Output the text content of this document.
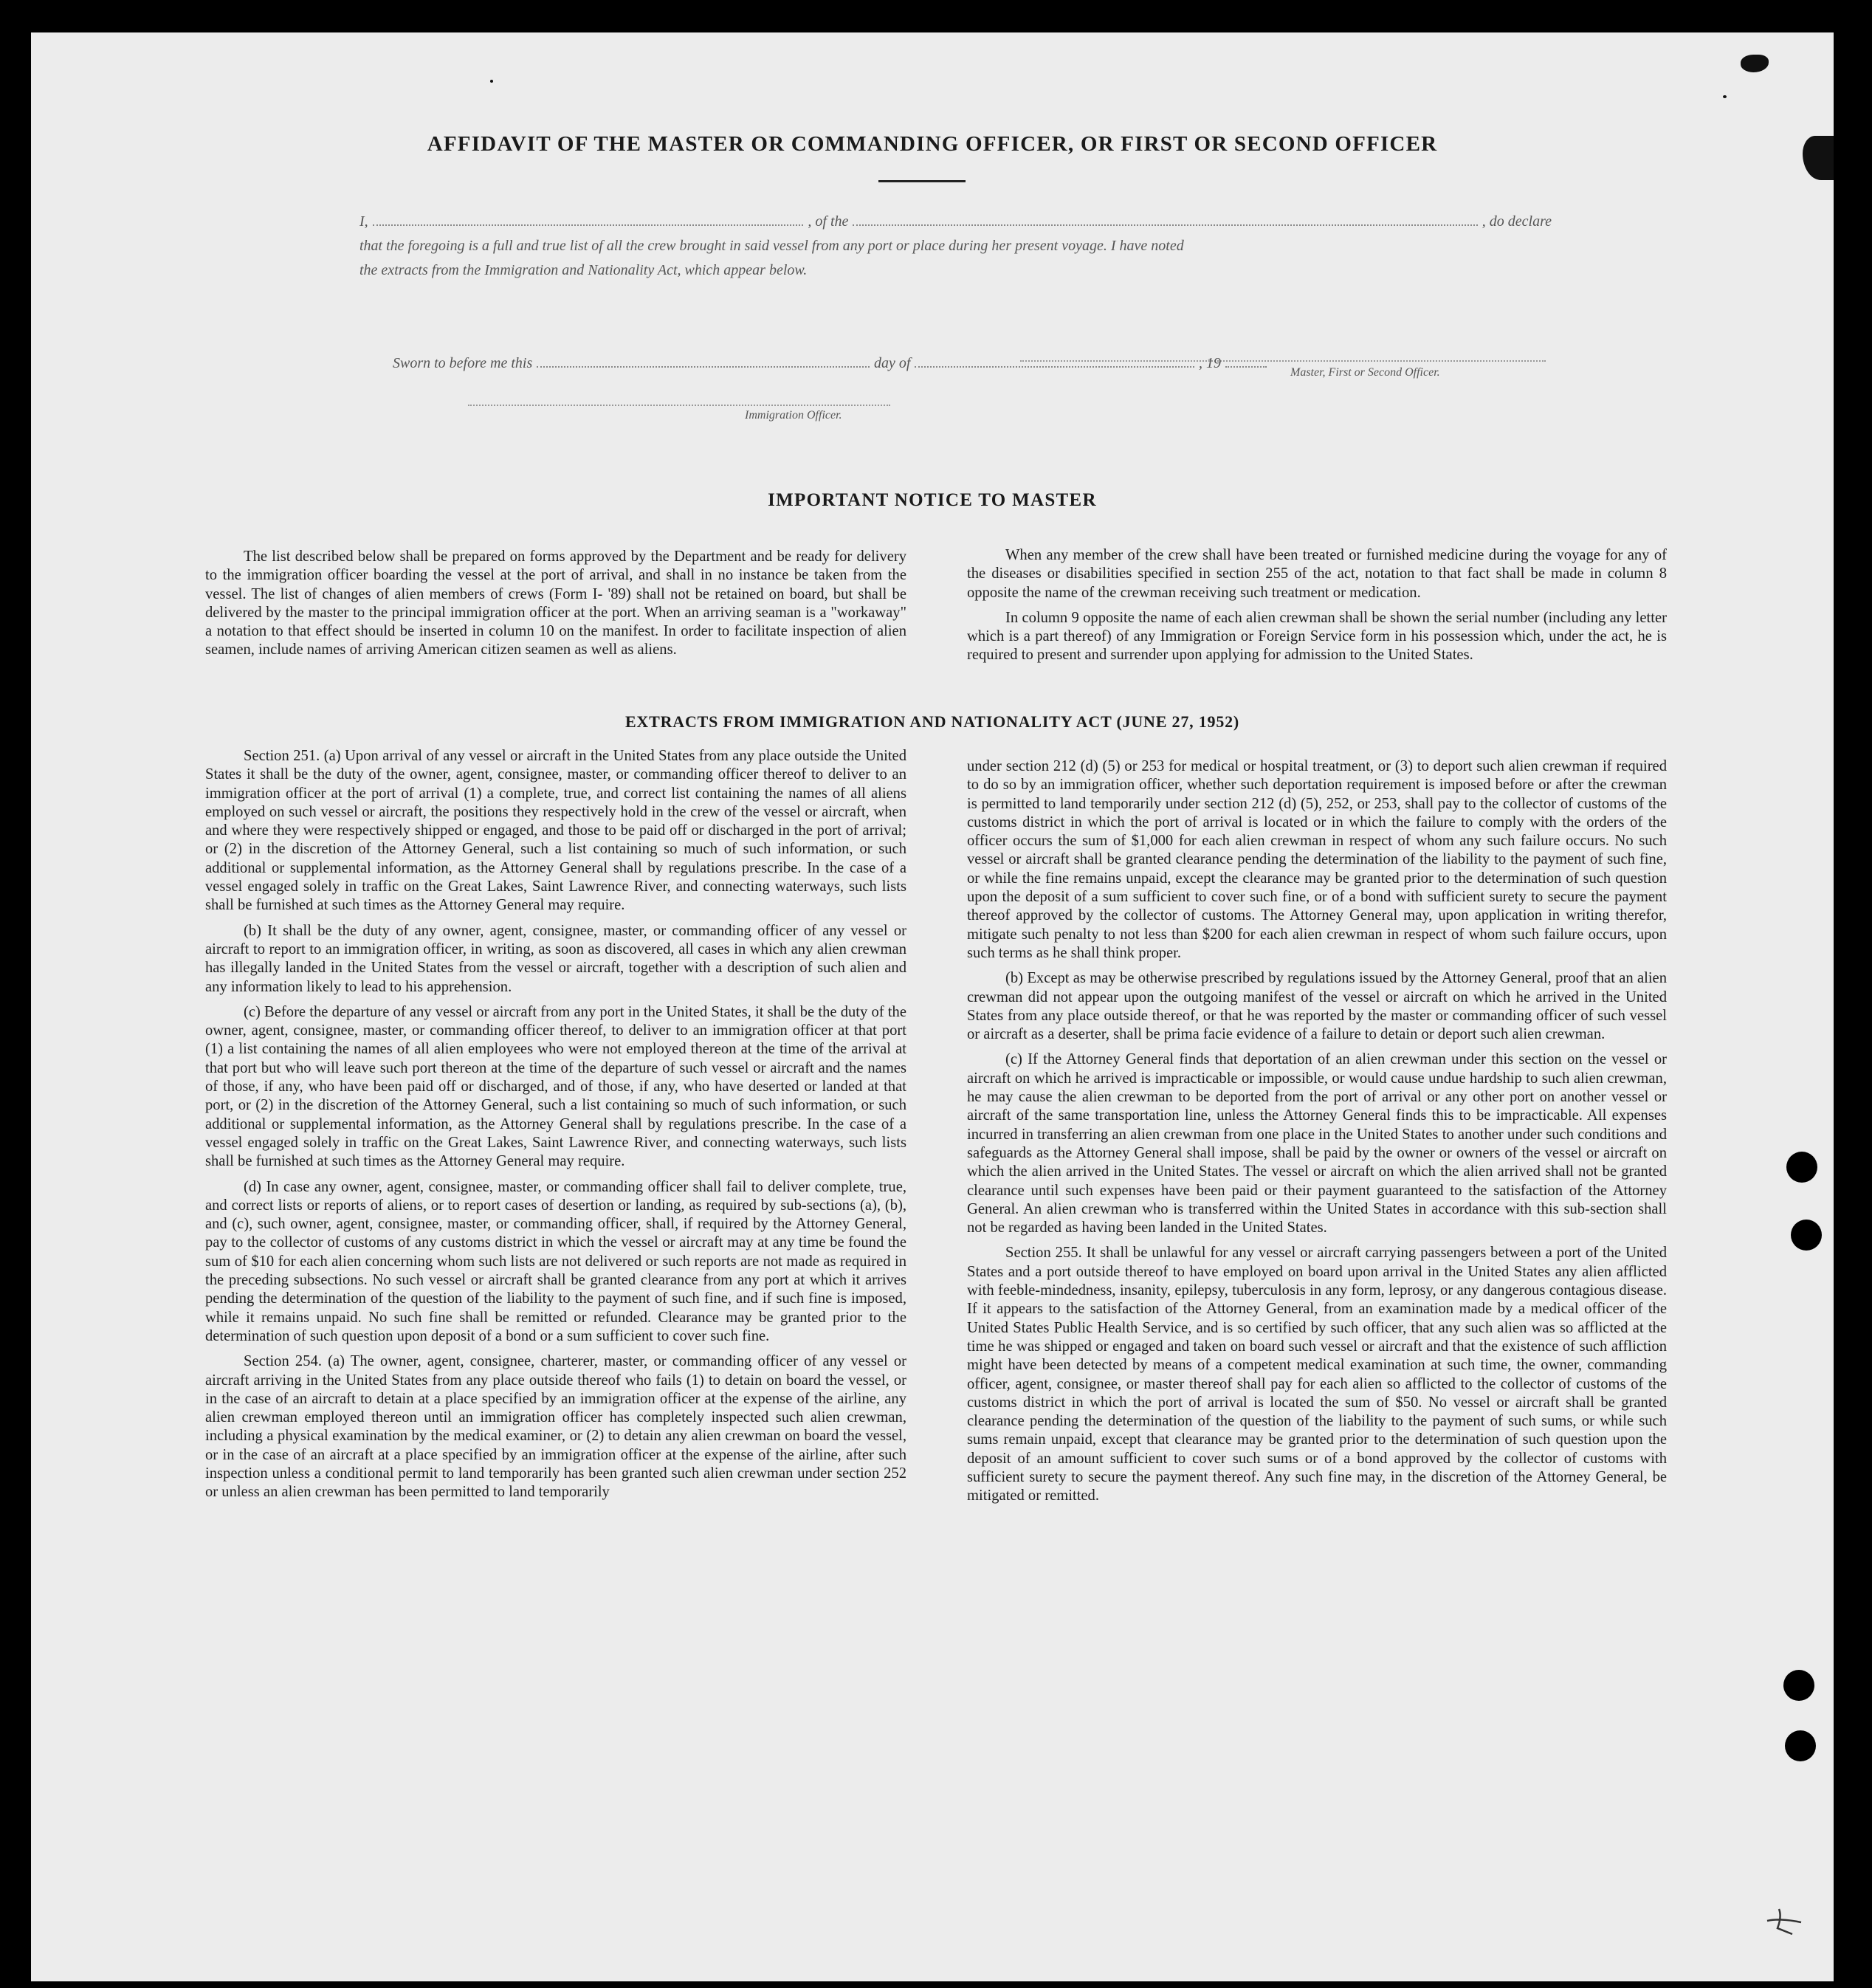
AFFIDAVIT OF THE MASTER OR COMMANDING OFFICER, OR FIRST OR SECOND OFFICER
I,	, of the	, do declare
that the foregoing is a full and true list of all the crew brought in said vessel from any port or place during her present voyage. I have noted
the extracts from the Immigration and Nationality Act, which appear below.
Master, First or Second Officer.
Sworn to before me this	day of	, 19
Immigration Officer.
IMPORTANT NOTICE TO MASTER

The list described below shall be prepared on forms approved by the Department and be ready for delivery to the immigration officer boarding the vessel at the port of arrival, and shall in no instance be taken from the vessel. The list of changes of alien members of crews (Form I- '89) shall not be retained on board, but shall be delivered by the master to the principal immigration officer at the port. When an arriving seaman is a "workaway" a notation to that effect should be inserted in column 10 on the manifest. In order to facilitate inspection of alien seamen, include names of arriving American citizen seamen as well as aliens.

When any member of the crew shall have been treated or furnished medicine during the voyage for any of the diseases or disabilities specified in section 255 of the act, notation to that fact shall be made in column 8 opposite the name of the crewman receiving such treatment or medication.

In column 9 opposite the name of each alien crewman shall be shown the serial number (including any letter which is a part thereof) of any Immigration or Foreign Service form in his possession which, under the act, he is required to present and surrender upon applying for admission to the United States.

EXTRACTS FROM IMMIGRATION AND NATIONALITY ACT (JUNE 27, 1952)

Section 251. (a) Upon arrival of any vessel or aircraft in the United States from any place outside the United States it shall be the duty of the owner, agent, consignee, master, or commanding officer thereof to deliver to an immigration officer at the port of arrival (1) a complete, true, and correct list containing the names of all aliens employed on such vessel or aircraft, the positions they respectively hold in the crew of the vessel or aircraft, when and where they were respectively shipped or engaged, and those to be paid off or discharged in the port of arrival; or (2) in the discretion of the Attorney General, such a list containing so much of such information, or such additional or supplemental information, as the Attorney General shall by regulations prescribe. In the case of a vessel engaged solely in traffic on the Great Lakes, Saint Lawrence River, and connecting waterways, such lists shall be furnished at such times as the Attorney General may require.

(b) It shall be the duty of any owner, agent, consignee, master, or commanding officer of any vessel or aircraft to report to an immigration officer, in writing, as soon as discovered, all cases in which any alien crewman has illegally landed in the United States from the vessel or aircraft, together with a description of such alien and any information likely to lead to his apprehension.

(c) Before the departure of any vessel or aircraft from any port in the United States, it shall be the duty of the owner, agent, consignee, master, or commanding officer thereof, to deliver to an immigration officer at that port (1) a list containing the names of all alien employees who were not employed thereon at the time of the arrival at that port but who will leave such port thereon at the time of the departure of such vessel or aircraft and the names of those, if any, who have been paid off or discharged, and of those, if any, who have deserted or landed at that port, or (2) in the discretion of the Attorney General, such a list containing so much of such information, or such additional or supplemental information, as the Attorney General shall by regulations prescribe. In the case of a vessel engaged solely in traffic on the Great Lakes, Saint Lawrence River, and connecting waterways, such lists shall be furnished at such times as the Attorney General may require.

(d) In case any owner, agent, consignee, master, or commanding officer shall fail to deliver complete, true, and correct lists or reports of aliens, or to report cases of desertion or landing, as required by sub-sections (a), (b), and (c), such owner, agent, consignee, master, or commanding officer, shall, if required by the Attorney General, pay to the collector of customs of any customs district in which the vessel or aircraft may at any time be found the sum of $10 for each alien concerning whom such lists are not delivered or such reports are not made as required in the preceding subsections. No such vessel or aircraft shall be granted clearance from any port at which it arrives pending the determination of the question of the liability to the payment of such fine, and if such fine is imposed, while it remains unpaid. No such fine shall be remitted or refunded. Clearance may be granted prior to the determination of such question upon deposit of a bond or a sum sufficient to cover such fine.

Section 254. (a) The owner, agent, consignee, charterer, master, or commanding officer of any vessel or aircraft arriving in the United States from any place outside thereof who fails (1) to detain on board the vessel, or in the case of an aircraft to detain at a place specified by an immigration officer at the expense of the airline, any alien crewman employed thereon until an immigration officer has completely inspected such alien crewman, including a physical examination by the medical examiner, or (2) to detain any alien crewman on board the vessel, or in the case of an aircraft at a place specified by an immigration officer at the expense of the airline, after such inspection unless a conditional permit to land temporarily has been granted such alien crewman under section 252 or unless an alien crewman has been permitted to land temporarily

under section 212 (d) (5) or 253 for medical or hospital treatment, or (3) to deport such alien crewman if required to do so by an immigration officer, whether such deportation requirement is imposed before or after the crewman is permitted to land temporarily under section 212 (d) (5), 252, or 253, shall pay to the collector of customs of the customs district in which the port of arrival is located or in which the failure to comply with the orders of the officer occurs the sum of $1,000 for each alien crewman in respect of whom any such failure occurs. No such vessel or aircraft shall be granted clearance pending the determination of the liability to the payment of such fine, or while the fine remains unpaid, except the clearance may be granted prior to the determination of such question upon the deposit of a sum sufficient to cover such fine, or of a bond with sufficient surety to secure the payment thereof approved by the collector of customs. The Attorney General may, upon application in writing therefor, mitigate such penalty to not less than $200 for each alien crewman in respect of whom such failure occurs, upon such terms as he shall think proper.

(b) Except as may be otherwise prescribed by regulations issued by the Attorney General, proof that an alien crewman did not appear upon the outgoing manifest of the vessel or aircraft on which he arrived in the United States from any place outside thereof, or that he was reported by the master or commanding officer of such vessel or aircraft as a deserter, shall be prima facie evidence of a failure to detain or deport such alien crewman.

(c) If the Attorney General finds that deportation of an alien crewman under this section on the vessel or aircraft on which he arrived is impracticable or impossible, or would cause undue hardship to such alien crewman, he may cause the alien crewman to be deported from the port of arrival or any other port on another vessel or aircraft of the same transportation line, unless the Attorney General finds this to be impracticable. All expenses incurred in transferring an alien crewman from one place in the United States to another under such conditions and safeguards as the Attorney General shall impose, shall be paid by the owner or owners of the vessel or aircraft on which the alien arrived in the United States. The vessel or aircraft on which the alien arrived shall not be granted clearance until such expenses have been paid or their payment guaranteed to the satisfaction of the Attorney General. An alien crewman who is transferred within the United States in accordance with this sub-section shall not be regarded as having been landed in the United States.

Section 255. It shall be unlawful for any vessel or aircraft carrying passengers between a port of the United States and a port outside thereof to have employed on board upon arrival in the United States any alien afflicted with feeble-mindedness, insanity, epilepsy, tuberculosis in any form, leprosy, or any dangerous contagious disease. If it appears to the satisfaction of the Attorney General, from an examination made by a medical officer of the United States Public Health Service, and is so certified by such officer, that any such alien was so afflicted at the time he was shipped or engaged and taken on board such vessel or aircraft and that the existence of such affliction might have been detected by means of a competent medical examination at such time, the owner, commanding officer, agent, consignee, or master thereof shall pay for each alien so afflicted to the collector of customs of the customs district in which the port of arrival is located the sum of $50. No vessel or aircraft shall be granted clearance pending the determination of the question of the liability to the payment of such sums, or while such sums remain unpaid, except that clearance may be granted prior to the determination of such question upon the deposit of an amount sufficient to cover such sums or of a bond approved by the collector of customs with sufficient surety to secure the payment thereof. Any such fine may, in the discretion of the Attorney General, be mitigated or remitted.
